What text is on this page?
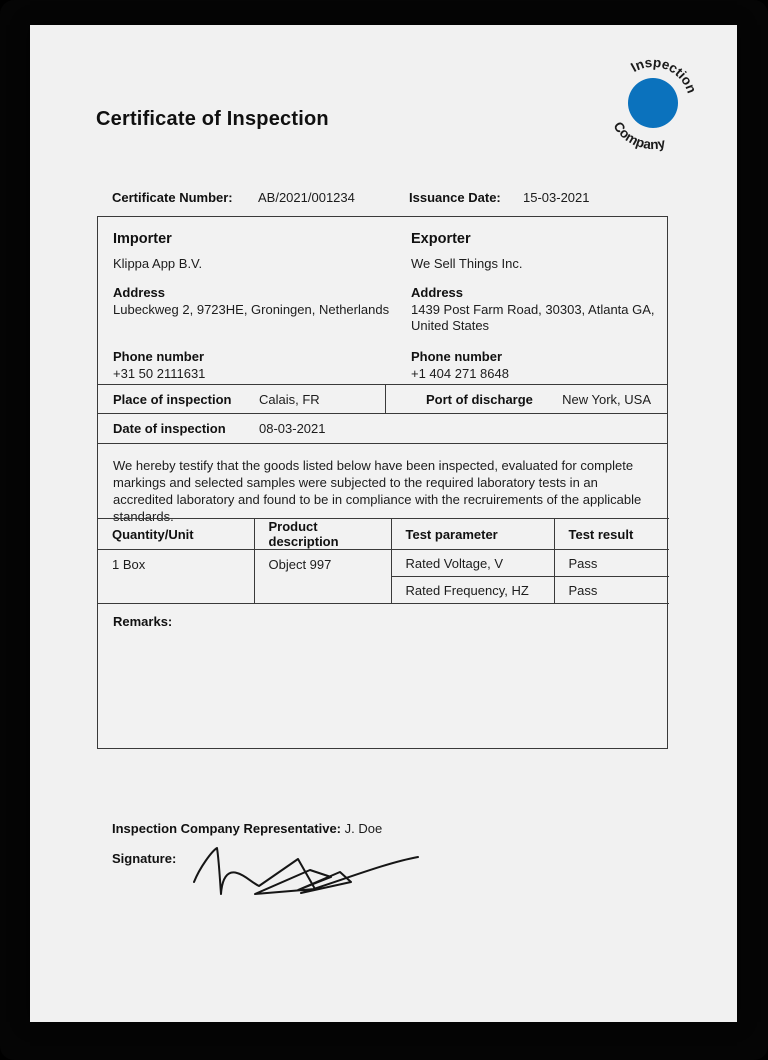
Certificate of Inspection
Inspection
Company
Certificate Number: AB/2021/001234	Issuance Date: 15-03-2021
Importer
Klippa App B.V.
Address
Lubeckweg 2, 9723HE, Groningen, Netherlands
Phone number
+31 50 2111631
Exporter
We Sell Things Inc.
Address
1439 Post Farm Road, 30303, Atlanta GA, United States
Phone number
+1 404 271 8648
Place of inspection	Calais, FR	Port of discharge New York, USA
Date of inspection	08-03-2021
We hereby testify that the goods listed below have been inspected, evaluated for complete markings and selected samples were subjected to the required laboratory tests in an accredited laboratory and found to be in compliance with the recruirements of the applicable standards.
Quantity/Unit	Product description	Test parameter	Test result
1 Box	Object 997	Rated Voltage, V	Pass
		Rated Frequency, HZ	Pass
Remarks:
Inspection Company Representative: J. Doe
Signature:
